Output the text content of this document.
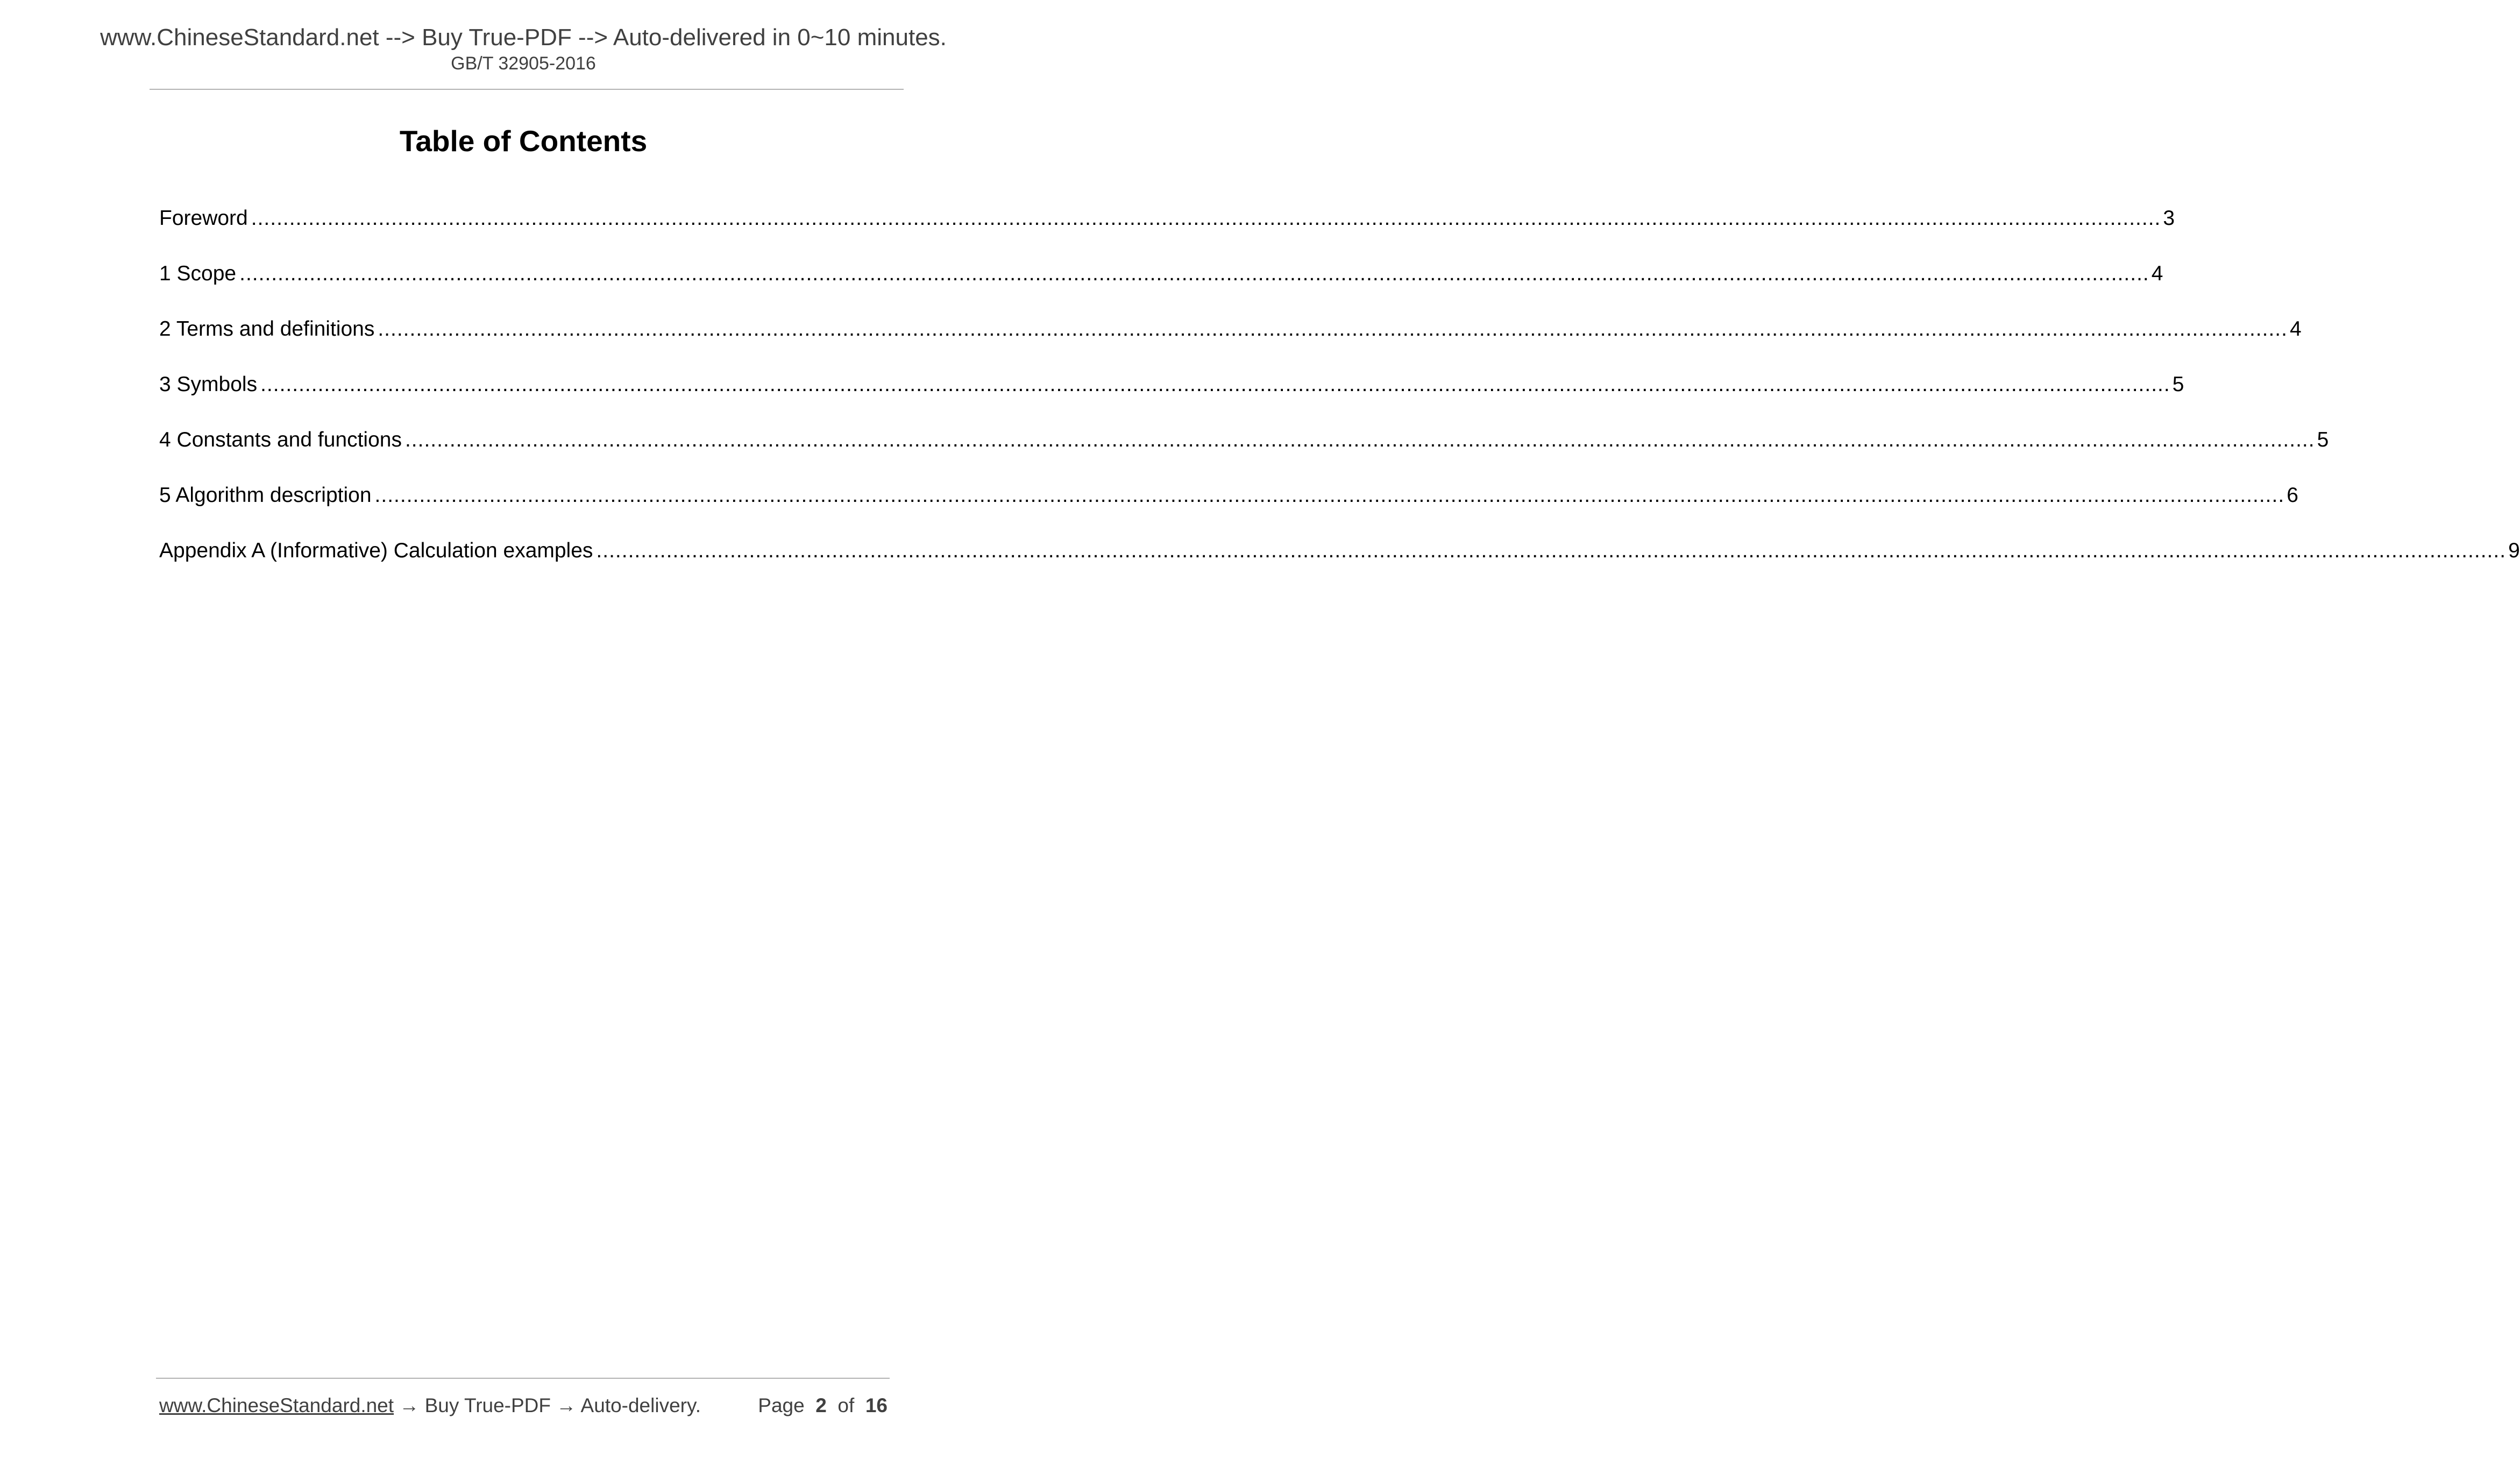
www.ChineseStandard.net --> Buy True-PDF --> Auto-delivered in 0~10 minutes.
GB/T 32905-2016
Table of Contents
Foreword ............................................................................................................................................................................................................................................................................................................ 3
1 Scope ............................................................................................................................................................................................................................................................................................................ 4
2 Terms and definitions ............................................................................................................................................................................................................................................................................................................ 4
3 Symbols ............................................................................................................................................................................................................................................................................................................ 5
4 Constants and functions ............................................................................................................................................................................................................................................................................................................ 5
5 Algorithm description ............................................................................................................................................................................................................................................................................................................ 6
Appendix A (Informative) Calculation examples ............................................................................................................................................................................................................................................................................................................ 9
www.ChineseStandard.net → Buy True-PDF → Auto-delivery.	Page 2 of 16
